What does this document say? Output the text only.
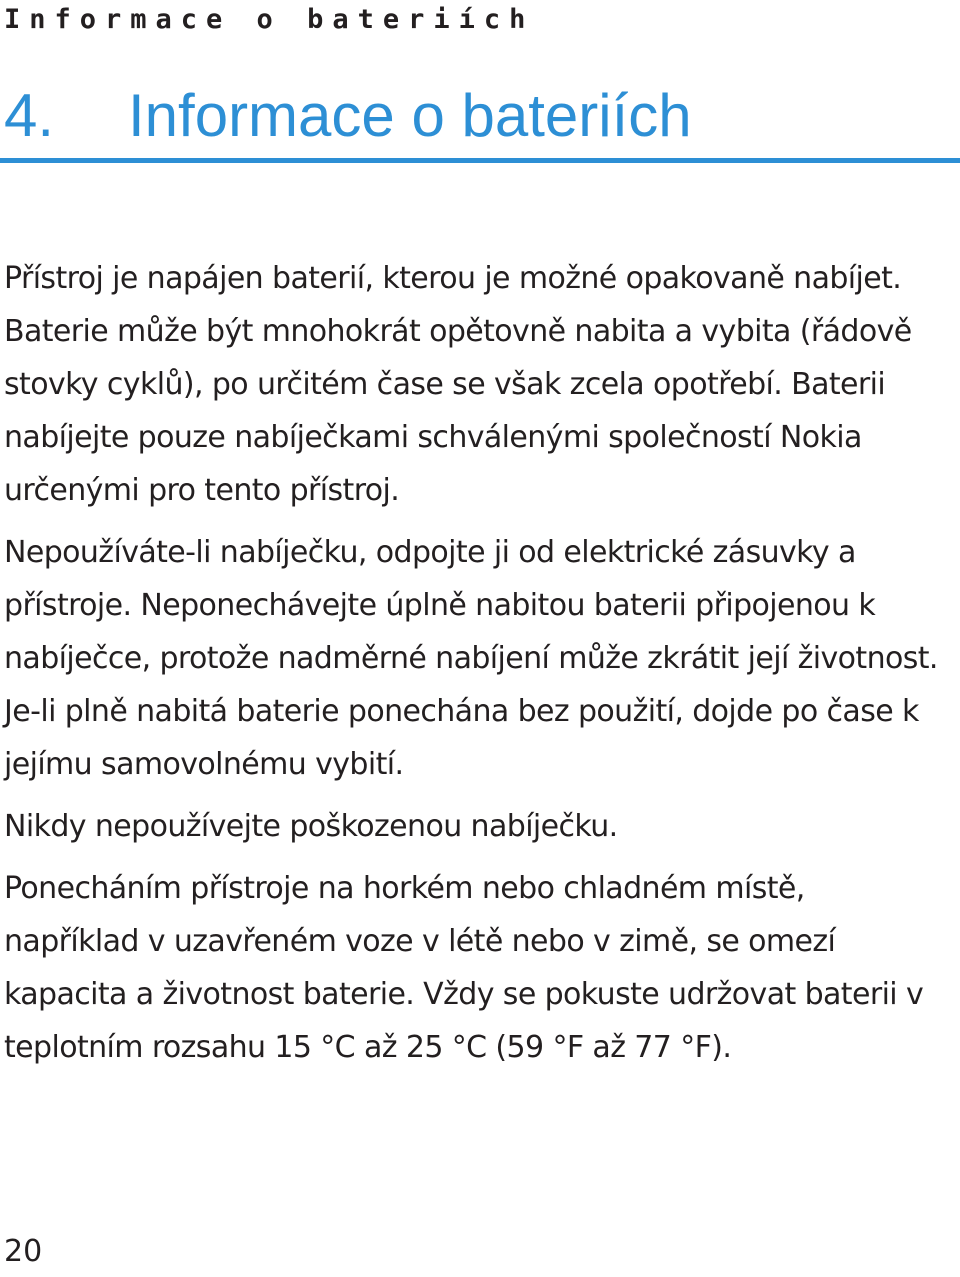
Informace o bateriích
4. Informace o bateriích

Přístroj je napájen baterií, kterou je možné opakovaně nabíjet. Baterie může být mnohokrát opětovně nabita a vybita (řádově stovky cyklů), po určitém čase se však zcela opotřebí. Baterii nabíjejte pouze nabíječkami schválenými společností Nokia určenými pro tento přístroj.

Nepoužíváte-li nabíječku, odpojte ji od elektrické zásuvky a přístroje. Neponechávejte úplně nabitou baterii připojenou k nabíječce, protože nadměrné nabíjení může zkrátit její životnost. Je-li plně nabitá baterie ponechána bez použití, dojde po čase k jejímu samovolnému vybití.

Nikdy nepoužívejte poškozenou nabíječku.

Ponecháním přístroje na horkém nebo chladném místě, například v uzavřeném voze v létě nebo v zimě, se omezí kapacita a životnost baterie. Vždy se pokuste udržovat baterii v teplotním rozsahu 15 °C až 25 °C (59 °F až 77 °F).

20
